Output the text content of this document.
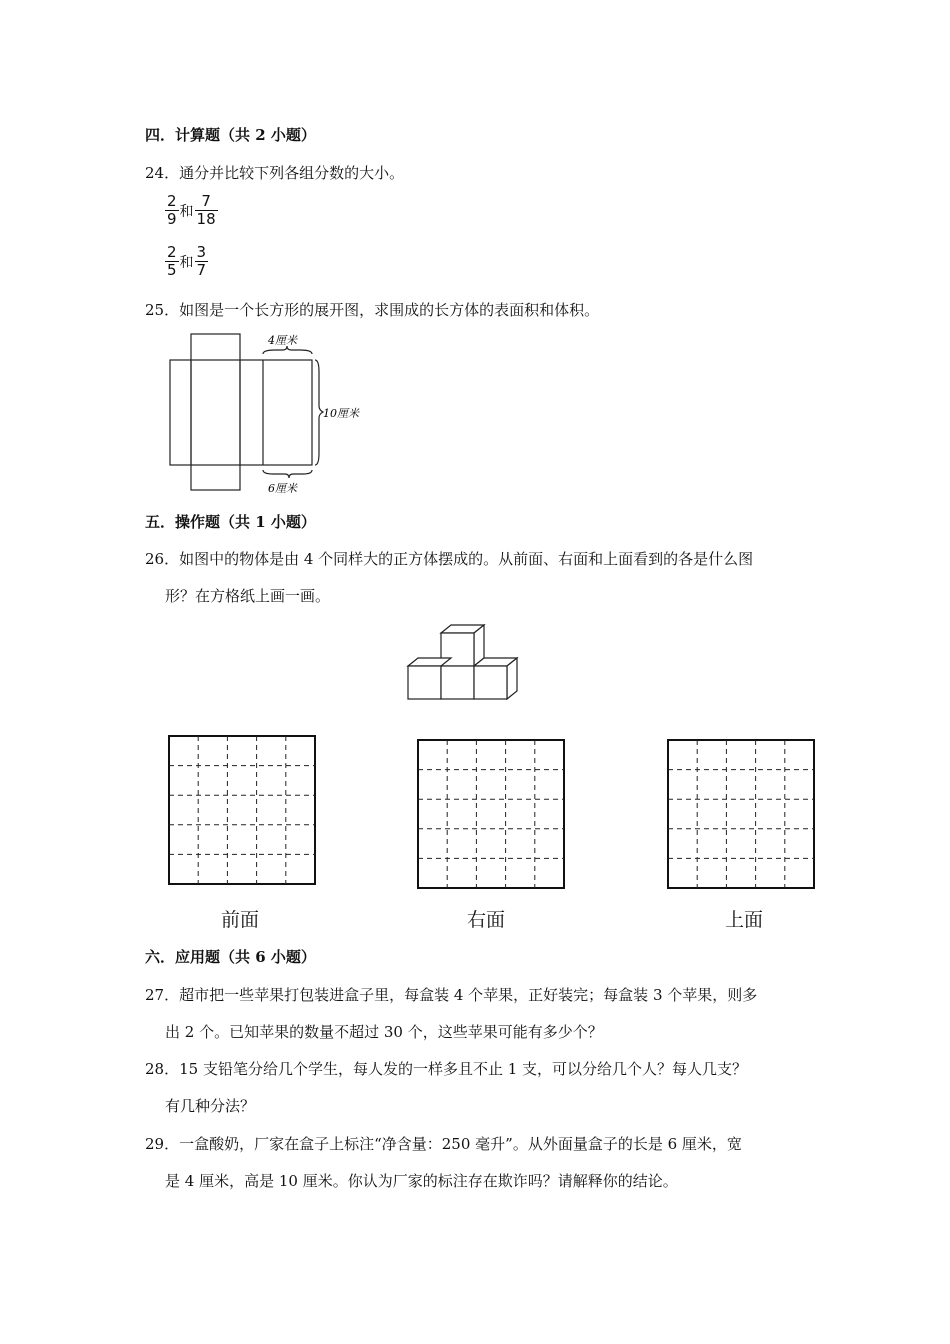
四．计算题（共 2 小题）
24．通分并比较下列各组分数的大小。
$\frac{2}{9}$ 和 $\frac{7}{18}$
$\frac{2}{5}$ 和 $\frac{3}{7}$
25．如图是一个长方形的展开图，求围成的长方体的表面积和体积。
4厘米
10厘米
6厘米
五．操作题（共 1 小题）
26．如图中的物体是由 4 个同样大的正方体摆成的。从前面、右面和上面看到的各是什么图
形？在方格纸上画一画。
前面	右面	上面
六．应用题（共 6 小题）
27．超市把一些苹果打包装进盒子里，每盒装 4 个苹果，正好装完；每盒装 3 个苹果，则多
出 2 个。已知苹果的数量不超过 30 个，这些苹果可能有多少个？
28．15 支铅笔分给几个学生，每人发的一样多且不止 1 支，可以分给几个人？每人几支？
有几种分法？
29．一盒酸奶，厂家在盒子上标注“净含量：250 毫升”。从外面量盒子的长是 6 厘米，宽
是 4 厘米，高是 10 厘米。你认为厂家的标注存在欺诈吗？请解释你的结论。
